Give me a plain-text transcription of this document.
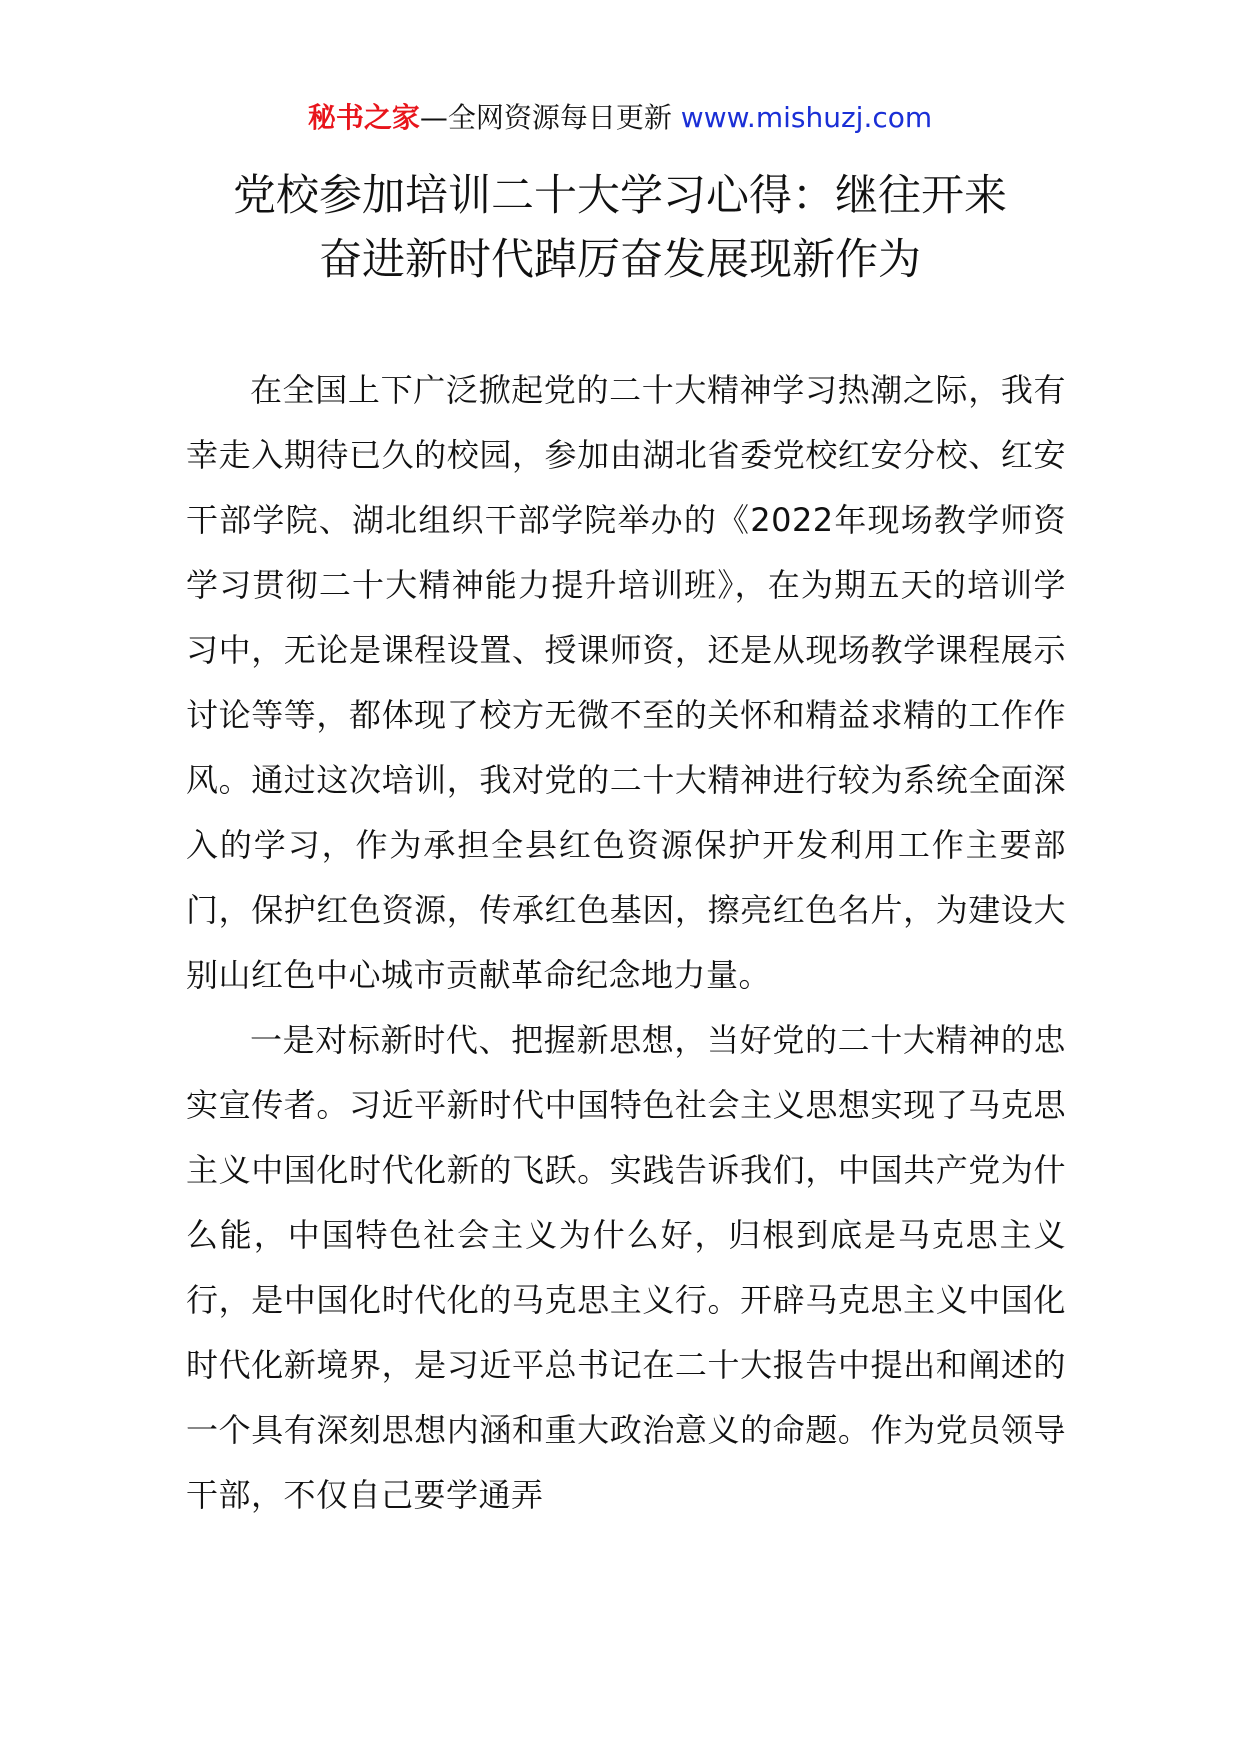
秘书之家—全网资源每日更新 www.mishuzj.com
党校参加培训二十大学习心得：继往开来
奋进新时代踔厉奋发展现新作为

在全国上下广泛掀起党的二十大精神学习热潮之际，我有幸走入期待已久的校园，参加由湖北省委党校红安分校、红安干部学院、湖北组织干部学院举办的《2022年现场教学师资学习贯彻二十大精神能力提升培训班》，在为期五天的培训学习中，无论是课程设置、授课师资，还是从现场教学课程展示讨论等等，都体现了校方无微不至的关怀和精益求精的工作作风。通过这次培训，我对党的二十大精神进行较为系统全面深入的学习，作为承担全县红色资源保护开发利用工作主要部门，保护红色资源，传承红色基因，擦亮红色名片，为建设大别山红色中心城市贡献革命纪念地力量。

一是对标新时代、把握新思想，当好党的二十大精神的忠实宣传者。习近平新时代中国特色社会主义思想实现了马克思主义中国化时代化新的飞跃。实践告诉我们，中国共产党为什么能，中国特色社会主义为什么好，归根到底是马克思主义行，是中国化时代化的马克思主义行。开辟马克思主义中国化时代化新境界，是习近平总书记在二十大报告中提出和阐述的一个具有深刻思想内涵和重大政治意义的命题。作为党员领导干部，不仅自己要学通弄
